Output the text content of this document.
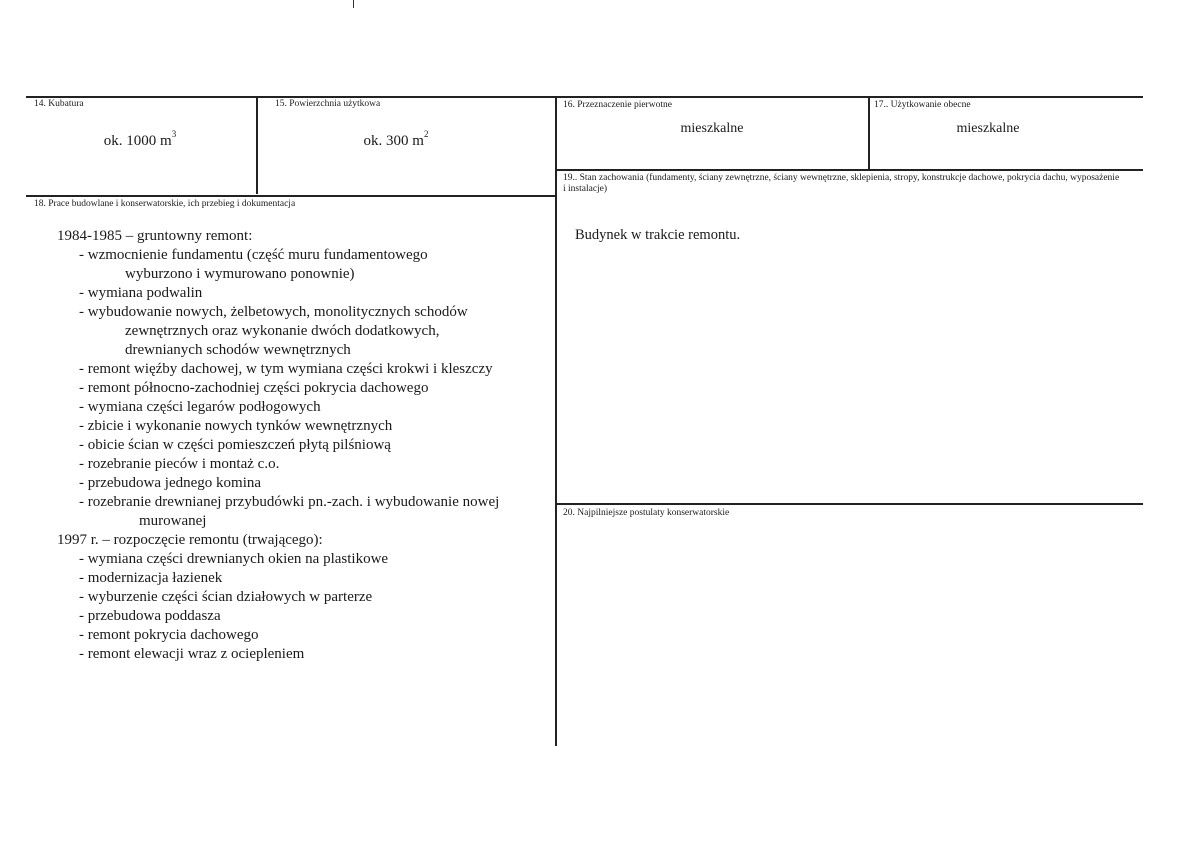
14. Kubatura
ok. 1000 $m^3$
15. Powierzchnia użytkowa
ok. 300 $m^2$
16. Przeznaczenie pierwotne
mieszkalne
17.. Użytkowanie obecne
mieszkalne
19.. Stan zachowania (fundamenty, ściany zewnętrzne, ściany wewnętrzne, sklepienia, stropy, konstrukcje dachowe, pokrycia dachu, wyposażenie i instalacje)
Budynek w trakcie remontu.
18. Prace budowlane i konserwatorskie, ich przebieg i dokumentacja
1984-1985 – gruntowny remont:
- wzmocnienie fundamentu (część muru fundamentowego
wyburzono i wymurowano ponownie)
- wymiana podwalin
- wybudowanie nowych, żelbetowych, monolitycznych schodów
zewnętrznych oraz wykonanie dwóch dodatkowych,
drewnianych schodów wewnętrznych
- remont więźby dachowej, w tym wymiana części krokwi i kleszczy
- remont północno-zachodniej części pokrycia dachowego
- wymiana części legarów podłogowych
- zbicie i wykonanie nowych tynków wewnętrznych
- obicie ścian w części pomieszczeń płytą pilśniową
- rozebranie pieców i montaż c.o.
- przebudowa jednego komina
- rozebranie drewnianej przybudówki pn.-zach. i wybudowanie nowej
murowanej
1997 r. – rozpoczęcie remontu (trwającego):
- wymiana części drewnianych okien na plastikowe
- modernizacja łazienek
- wyburzenie części ścian działowych w parterze
- przebudowa poddasza
- remont pokrycia dachowego
- remont elewacji wraz z ociepleniem
20. Najpilniejsze postulaty konserwatorskie
